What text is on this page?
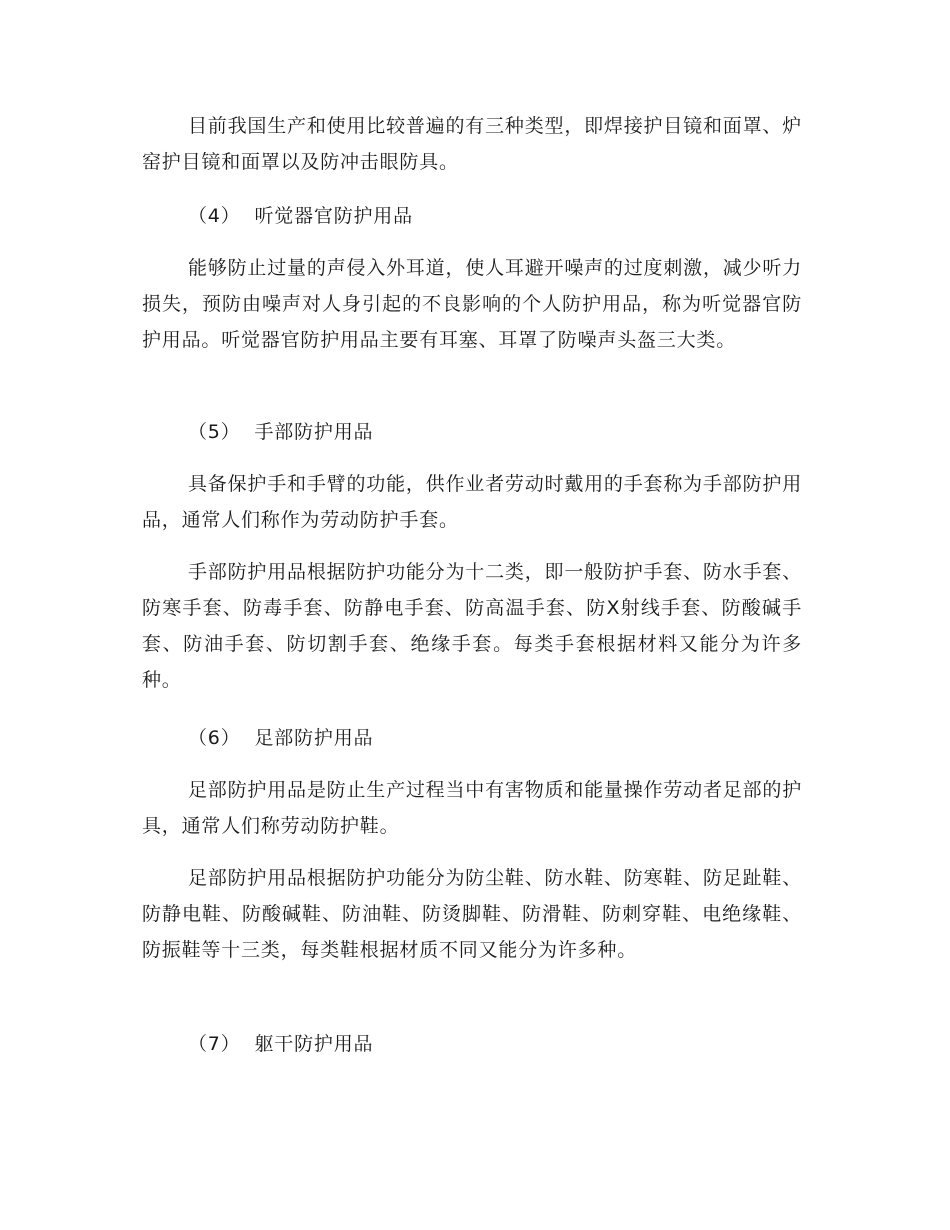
目前我国生产和使用比较普遍的有三种类型，即焊接护目镜和面罩、炉窑护目镜和面罩以及防冲击眼防具。

（4） 听觉器官防护用品

能够防止过量的声侵入外耳道，使人耳避开噪声的过度刺激，减少听力损失，预防由噪声对人身引起的不良影响的个人防护用品，称为听觉器官防护用品。听觉器官防护用品主要有耳塞、耳罩了防噪声头盔三大类。

（5） 手部防护用品

具备保护手和手臂的功能，供作业者劳动时戴用的手套称为手部防护用品，通常人们称作为劳动防护手套。

手部防护用品根据防护功能分为十二类，即一般防护手套、防水手套、防寒手套、防毒手套、防静电手套、防高温手套、防X射线手套、防酸碱手套、防油手套、防切割手套、绝缘手套。每类手套根据材料又能分为许多种。

（6） 足部防护用品

足部防护用品是防止生产过程当中有害物质和能量操作劳动者足部的护具，通常人们称劳动防护鞋。

足部防护用品根据防护功能分为防尘鞋、防水鞋、防寒鞋、防足趾鞋、防静电鞋、防酸碱鞋、防油鞋、防烫脚鞋、防滑鞋、防刺穿鞋、电绝缘鞋、防振鞋等十三类，每类鞋根据材质不同又能分为许多种。

（7） 躯干防护用品
